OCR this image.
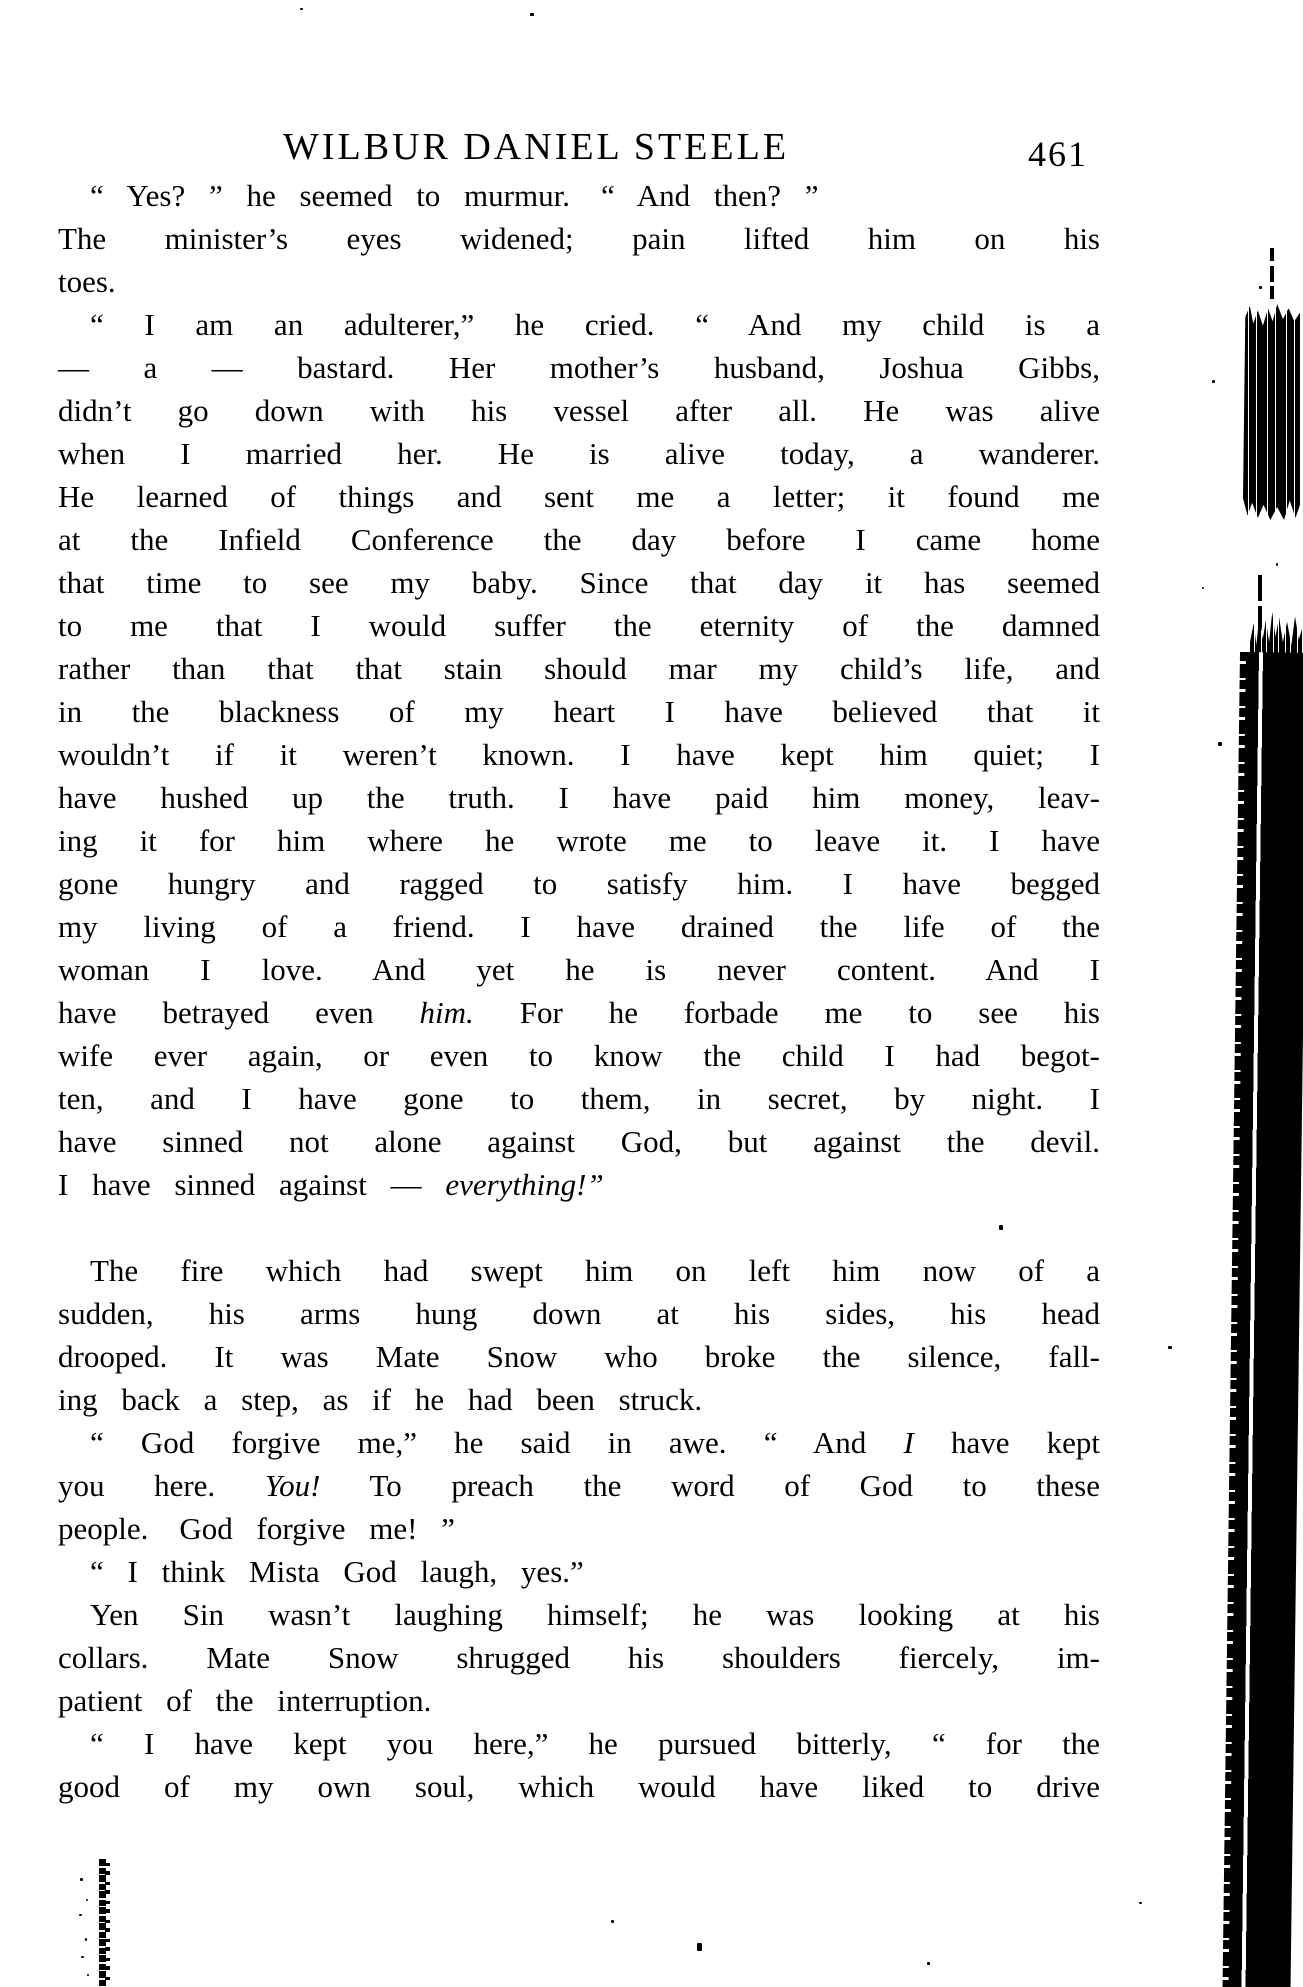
WILBUR DANIEL STEELE	461
“ Yes? ” he seemed to murmur. “ And then? ”
The minister’s eyes widened; pain lifted him on his
toes.
“ I am an adulterer,” he cried. “ And my child is a
— a — bastard. Her mother’s husband, Joshua Gibbs,
didn’t go down with his vessel after all. He was alive
when I married her. He is alive today, a wanderer.
He learned of things and sent me a letter; it found me
at the Infield Conference the day before I came home
that time to see my baby. Since that day it has seemed
to me that I would suffer the eternity of the damned
rather than that that stain should mar my child’s life, and
in the blackness of my heart I have believed that it
wouldn’t if it weren’t known. I have kept him quiet; I
have hushed up the truth. I have paid him money, leav-
ing it for him where he wrote me to leave it. I have
gone hungry and ragged to satisfy him. I have begged
my living of a friend. I have drained the life of the
woman I love. And yet he is never content. And I
have betrayed even him. For he forbade me to see his
wife ever again, or even to know the child I had begot-
ten, and I have gone to them, in secret, by night. I
have sinned not alone against God, but against the devil.
I have sinned against — everything!”
The fire which had swept him on left him now of a
sudden, his arms hung down at his sides, his head
drooped. It was Mate Snow who broke the silence, fall-
ing back a step, as if he had been struck.
“ God forgive me,” he said in awe. “ And I have kept
you here. You! To preach the word of God to these
people. God forgive me! ”
“ I think Mista God laugh, yes.”
Yen Sin wasn’t laughing himself; he was looking at his
collars. Mate Snow shrugged his shoulders fiercely, im-
patient of the interruption.
“ I have kept you here,” he pursued bitterly, “ for the
good of my own soul, which would have liked to drive
